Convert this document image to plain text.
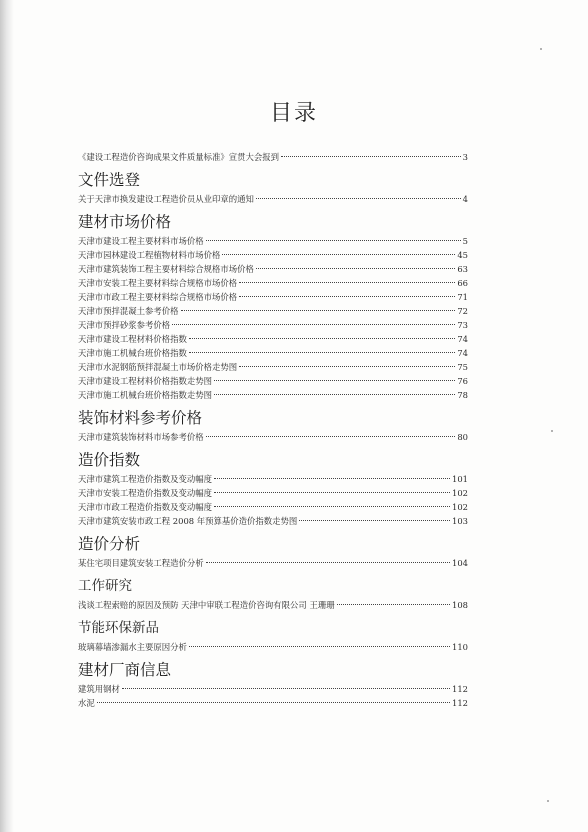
目录
《建设工程造价咨询成果文件质量标准》宣贯大会报到	3
文件选登
关于天津市换发建设工程造价员从业印章的通知	4
建材市场价格
天津市建设工程主要材料市场价格	5
天津市园林建设工程植物材料市场价格	45
天津市建筑装饰工程主要材料综合规格市场价格	63
天津市安装工程主要材料综合规格市场价格	66
天津市市政工程主要材料综合规格市场价格	71
天津市预拌混凝土参考价格	72
天津市预拌砂浆参考价格	73
天津市建设工程材料价格指数	74
天津市施工机械台班价格指数	74
天津市水泥钢筋预拌混凝土市场价格走势图	75
天津市建设工程材料价格指数走势图	76
天津市施工机械台班价格指数走势图	78
装饰材料参考价格
天津市建筑装饰材料市场参考价格	80
造价指数
天津市建筑工程造价指数及变动幅度	101
天津市安装工程造价指数及变动幅度	102
天津市市政工程造价指数及变动幅度	102
天津市建筑安装市政工程 2008 年预算基价造价指数走势图	103
造价分析
某住宅项目建筑安装工程造价分析	104
工作研究
浅谈工程索赔的原因及预防 天津中审联工程造价咨询有限公司 王珊珊	108
节能环保新品
玻璃幕墙渗漏水主要原因分析	110
建材厂商信息
建筑用钢材	112
水泥	112
